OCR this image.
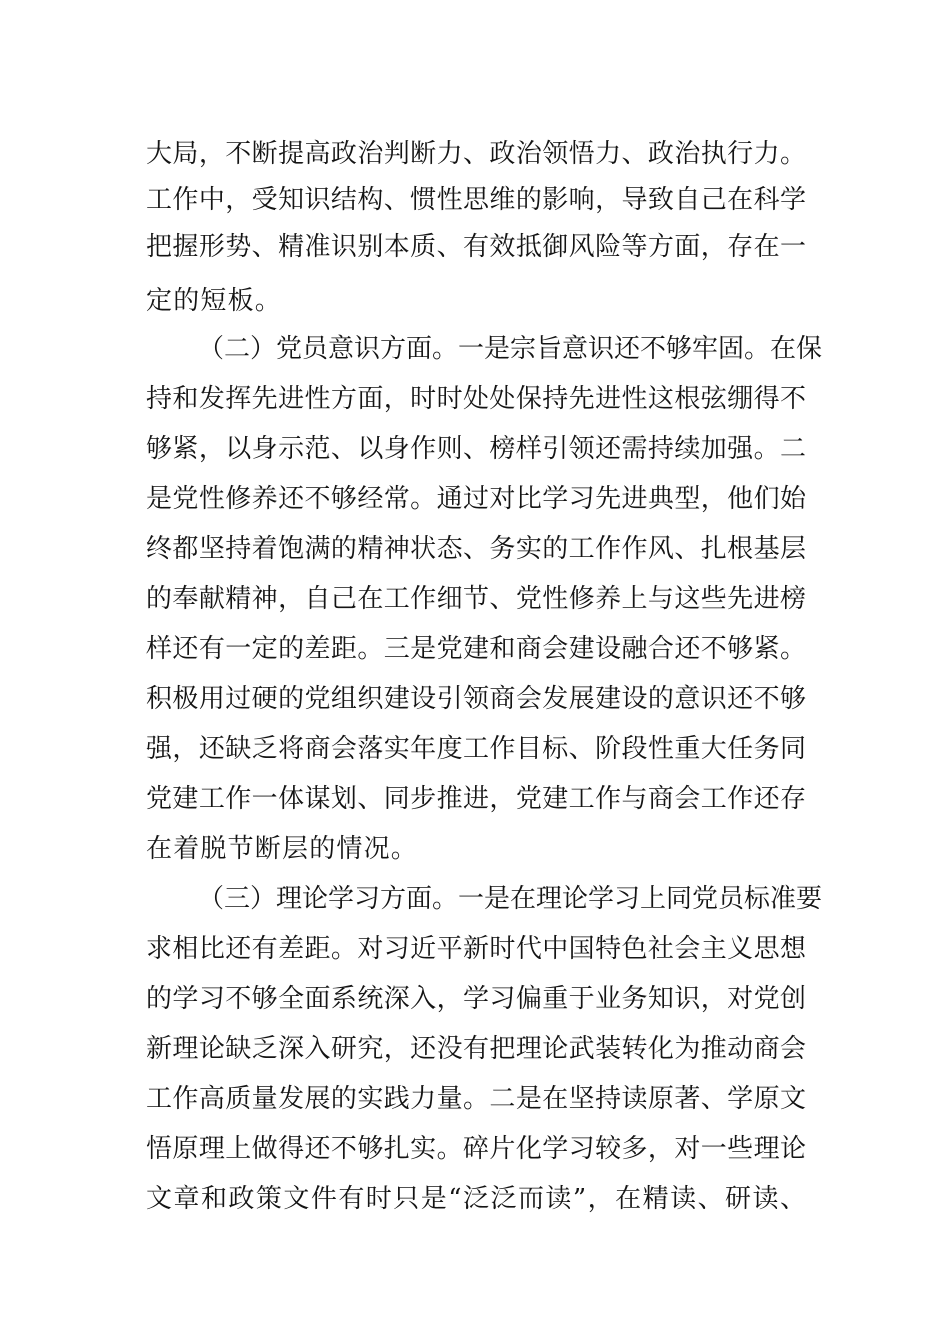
大局，不断提高政治判断力、政治领悟力、政治执行力。
工作中，受知识结构、惯性思维的影响，导致自己在科学
把握形势、精准识别本质、有效抵御风险等方面，存在一
定的短板。
（二）党员意识方面。一是宗旨意识还不够牢固。在保
持和发挥先进性方面，时时处处保持先进性这根弦绷得不
够紧，以身示范、以身作则、榜样引领还需持续加强。二
是党性修养还不够经常。通过对比学习先进典型，他们始
终都坚持着饱满的精神状态、务实的工作作风、扎根基层
的奉献精神，自己在工作细节、党性修养上与这些先进榜
样还有一定的差距。三是党建和商会建设融合还不够紧。
积极用过硬的党组织建设引领商会发展建设的意识还不够
强，还缺乏将商会落实年度工作目标、阶段性重大任务同
党建工作一体谋划、同步推进，党建工作与商会工作还存
在着脱节断层的情况。
（三）理论学习方面。一是在理论学习上同党员标准要
求相比还有差距。对习近平新时代中国特色社会主义思想
的学习不够全面系统深入，学习偏重于业务知识，对党创
新理论缺乏深入研究，还没有把理论武装转化为推动商会
工作高质量发展的实践力量。二是在坚持读原著、学原文
悟原理上做得还不够扎实。碎片化学习较多，对一些理论
文章和政策文件有时只是“泛泛而读”，在精读、研读、
